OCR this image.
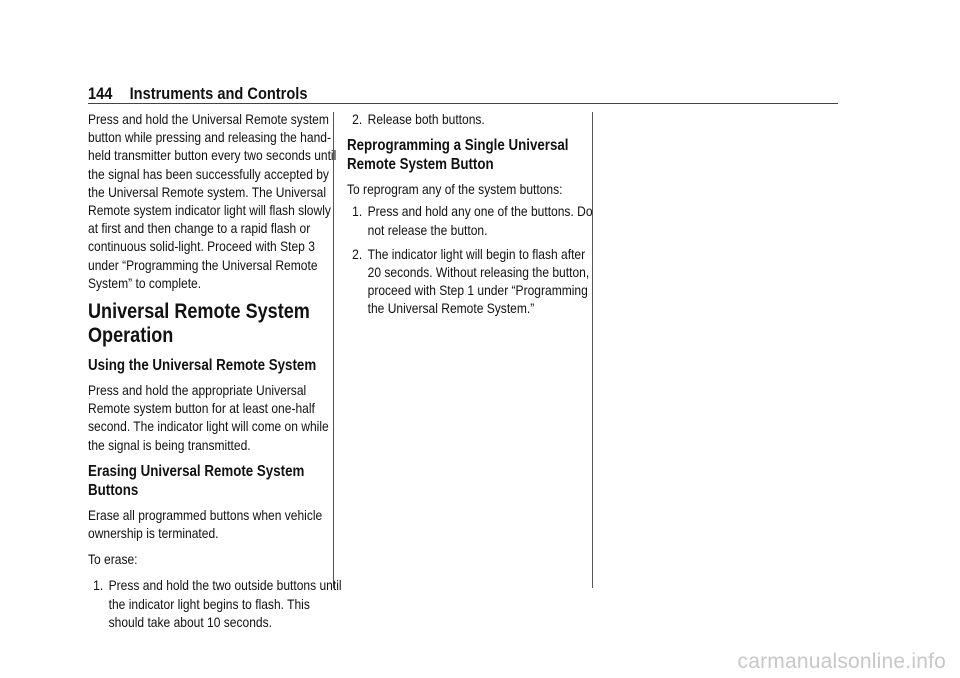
144 Instruments and Controls

Press and hold the Universal Remote system button while pressing and releasing the hand-held transmitter button every two seconds until the signal has been successfully accepted by the Universal Remote system. The Universal Remote system indicator light will flash slowly at first and then change to a rapid flash or continuous solid-light. Proceed with Step 3 under “Programming the Universal Remote System” to complete.

Universal Remote System Operation
Using the Universal Remote System

Press and hold the appropriate Universal Remote system button for at least one-half second. The indicator light will come on while the signal is being transmitted.

Erasing Universal Remote System Buttons

Erase all programmed buttons when vehicle ownership is terminated.

To erase:

1. Press and hold the two outside buttons until the indicator light begins to flash. This should take about 10 seconds.
2. Release both buttons.
Reprogramming a Single Universal Remote System Button

To reprogram any of the system buttons:

1. Press and hold any one of the buttons. Do not release the button.
2. The indicator light will begin to flash after 20 seconds. Without releasing the button, proceed with Step 1 under “Programming the Universal Remote System.”
carmanualsonline.info
